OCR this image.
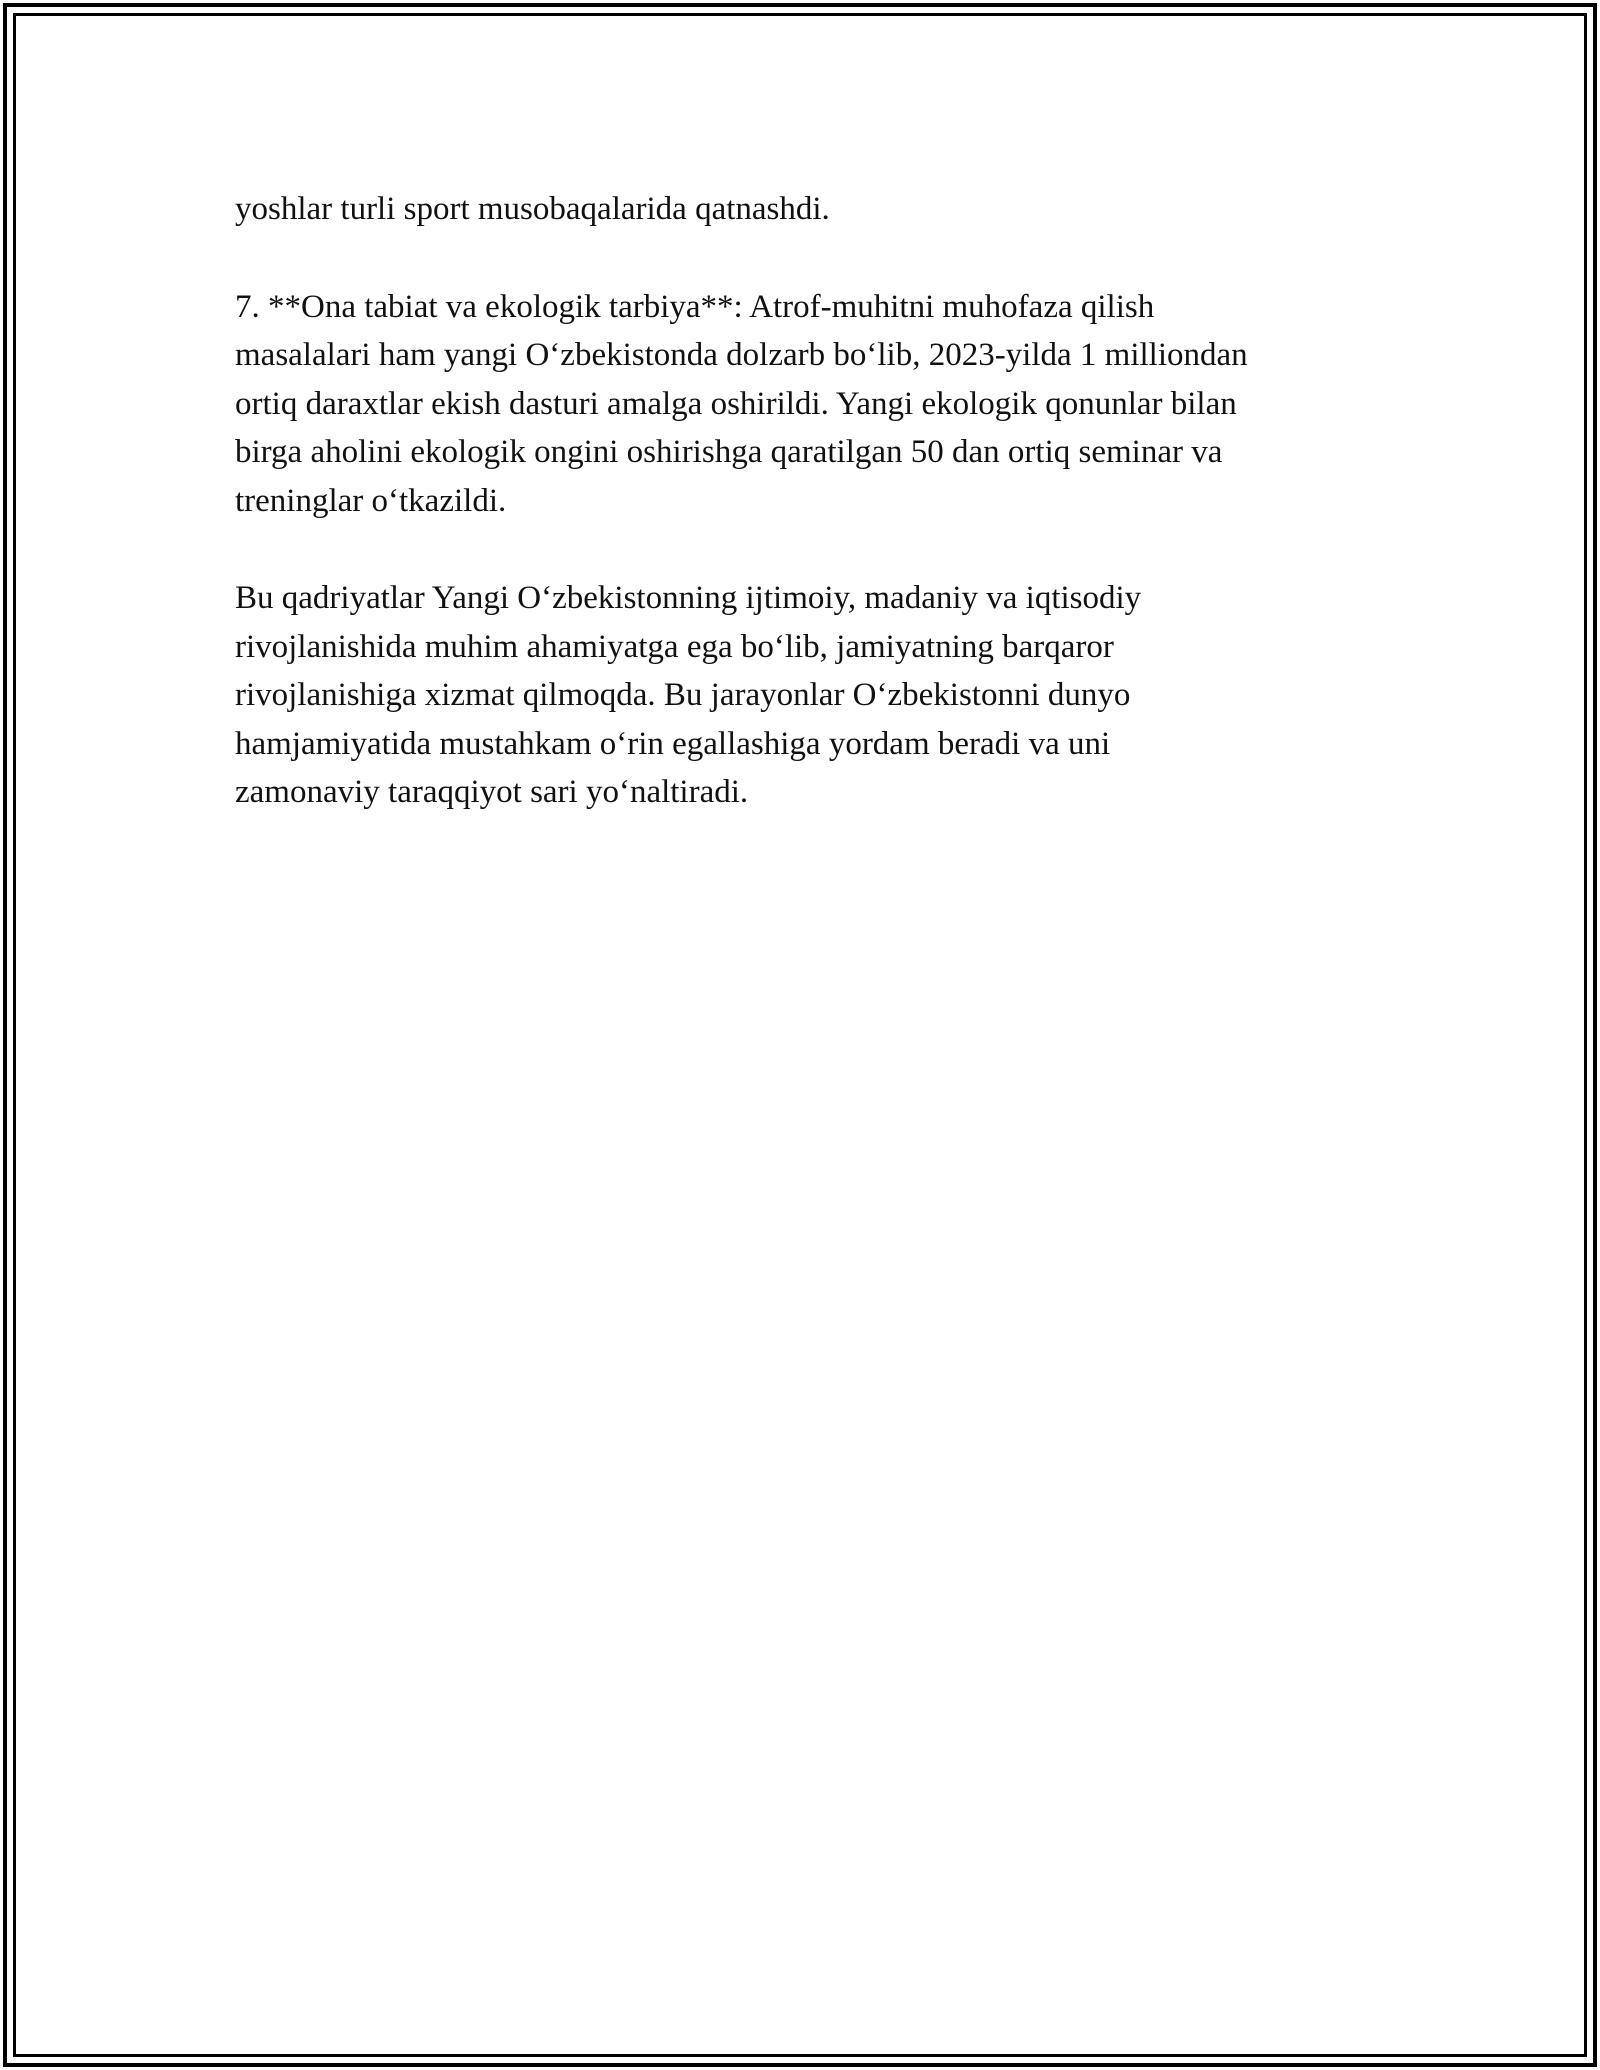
yoshlar turli sport musobaqalarida qatnashdi.

7. **Ona tabiat va ekologik tarbiya**: Atrof-muhitni muhofaza qilish
masalalari ham yangi O‘zbekistonda dolzarb bo‘lib, 2023-yilda 1 milliondan
ortiq daraxtlar ekish dasturi amalga oshirildi. Yangi ekologik qonunlar bilan
birga aholini ekologik ongini oshirishga qaratilgan 50 dan ortiq seminar va
treninglar o‘tkazildi.

Bu qadriyatlar Yangi O‘zbekistonning ijtimoiy, madaniy va iqtisodiy
rivojlanishida muhim ahamiyatga ega bo‘lib, jamiyatning barqaror
rivojlanishiga xizmat qilmoqda. Bu jarayonlar O‘zbekistonni dunyo
hamjamiyatida mustahkam o‘rin egallashiga yordam beradi va uni
zamonaviy taraqqiyot sari yo‘naltiradi.
